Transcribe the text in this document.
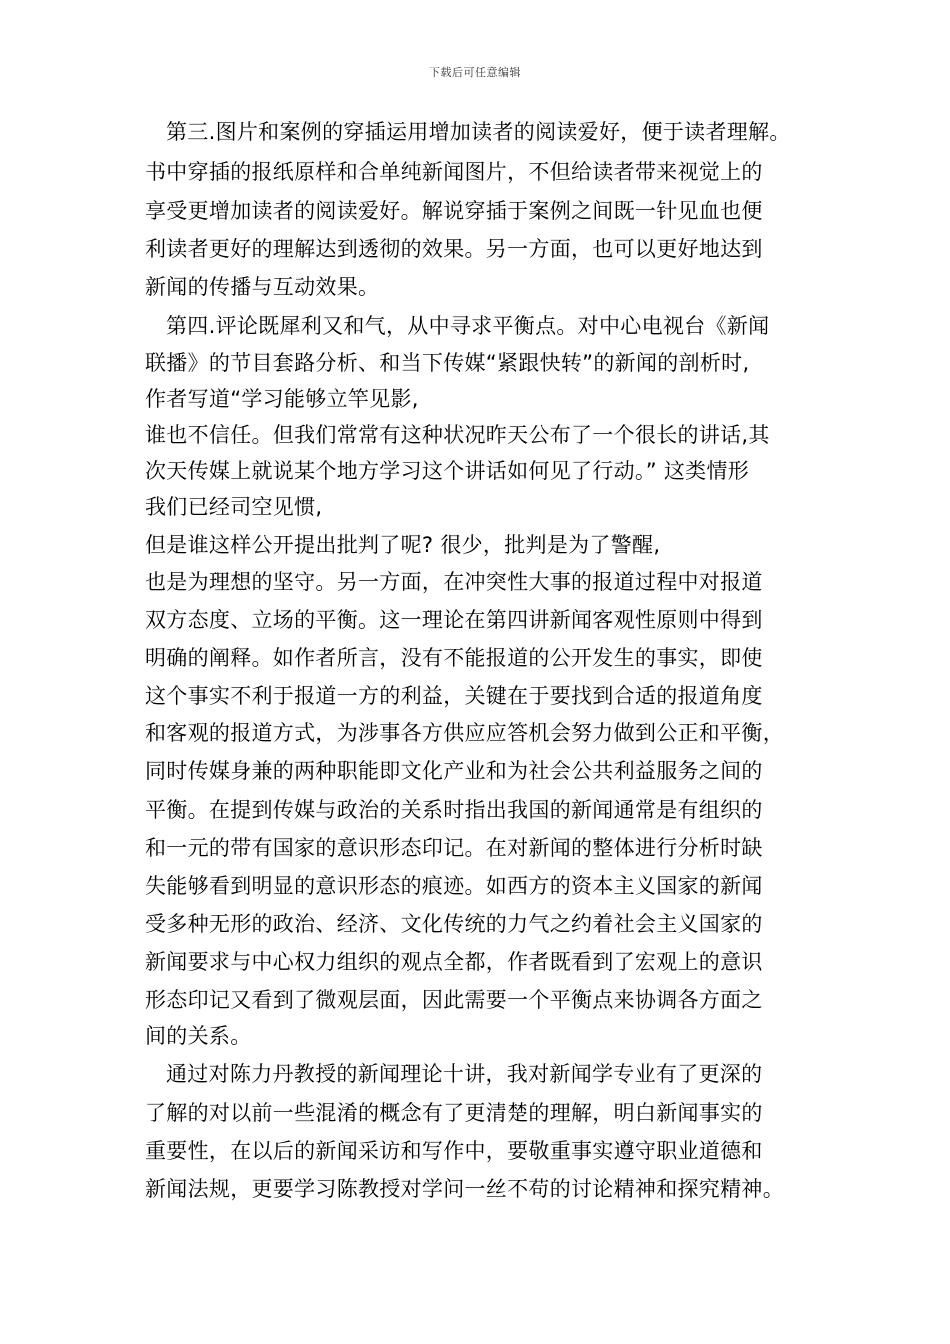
下载后可任意编辑
第三.图片和案例的穿插运用增加读者的阅读爱好，便于读者理解。
书中穿插的报纸原样和合单纯新闻图片，不但给读者带来视觉上的
享受更增加读者的阅读爱好。解说穿插于案例之间既一针见血也便
利读者更好的理解达到透彻的效果。另一方面，也可以更好地达到
新闻的传播与互动效果。
第四.评论既犀利又和气，从中寻求平衡点。对中心电视台《新闻
联播》的节目套路分析、和当下传媒“紧跟快转”的新闻的剖析时,
作者写道“学习能够立竿见影,
谁也不信任。但我们常常有这种状况昨天公布了一个很长的讲话,其
次天传媒上就说某个地方学习这个讲话如何见了行动。” 这类情形
我们已经司空见惯,
但是谁这样公开提出批判了呢? 很少，批判是为了警醒,
也是为理想的坚守。另一方面，在冲突性大事的报道过程中对报道
双方态度、立场的平衡。这一理论在第四讲新闻客观性原则中得到
明确的阐释。如作者所言，没有不能报道的公开发生的事实，即使
这个事实不利于报道一方的利益，关键在于要找到合适的报道角度
和客观的报道方式，为涉事各方供应应答机会努力做到公正和平衡，
同时传媒身兼的两种职能即文化产业和为社会公共利益服务之间的
平衡。在提到传媒与政治的关系时指出我国的新闻通常是有组织的
和一元的带有国家的意识形态印记。在对新闻的整体进行分析时缺
失能够看到明显的意识形态的痕迹。如西方的资本主义国家的新闻
受多种无形的政治、经济、文化传统的力气之约着社会主义国家的
新闻要求与中心权力组织的观点全都，作者既看到了宏观上的意识
形态印记又看到了微观层面，因此需要一个平衡点来协调各方面之
间的关系。
通过对陈力丹教授的新闻理论十讲，我对新闻学专业有了更深的
了解的对以前一些混淆的概念有了更清楚的理解，明白新闻事实的
重要性，在以后的新闻采访和写作中，要敬重事实遵守职业道德和
新闻法规，更要学习陈教授对学问一丝不苟的讨论精神和探究精神。
